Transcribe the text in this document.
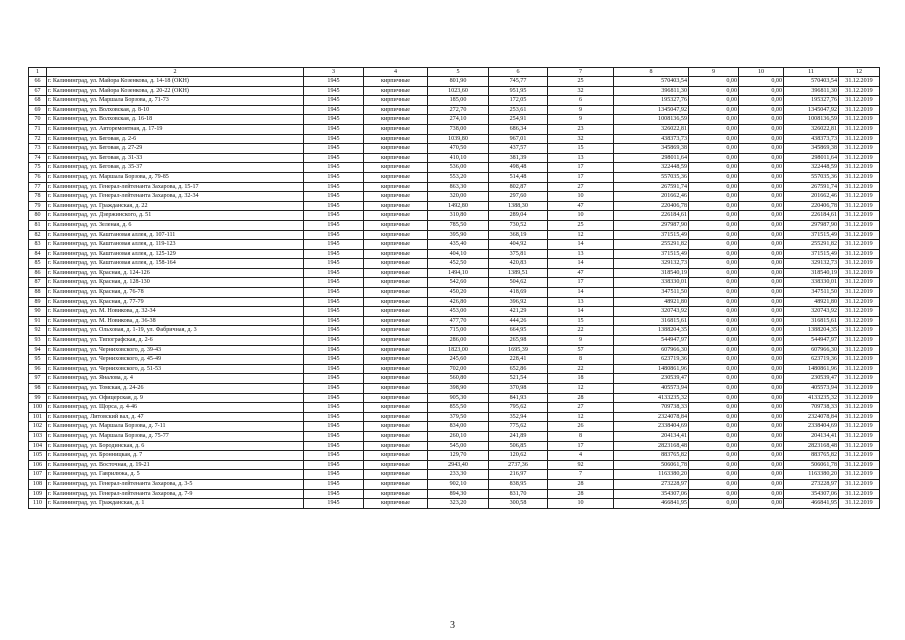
1	2	3	4	5	6	7	8	9	10	11	12
66	г. Калининград, ул. Майора Козенкова, д. 14-18 (ОКН)	1945	кирпичные	801,90	745,77	25	570403,54	0,00	0,00	570403,54	31.12.2019
67	г. Калининград, ул. Майора Козенкова, д. 20-22 (ОКН)	1945	кирпичные	1023,60	951,95	32	396811,30	0,00	0,00	396811,30	31.12.2019
68	г. Калининград, ул. Маршала Борзова, д. 71-73	1945	кирпичные	185,00	172,05	6	195327,76	0,00	0,00	195327,76	31.12.2019
69	г. Калининград, ул. Волховская, д. 8-10	1945	кирпичные	272,70	253,61	9	1345047,92	0,00	0,00	1345047,92	31.12.2019
70	г. Калининград, ул. Волховская, д. 16-18	1945	кирпичные	274,10	254,91	9	1008136,59	0,00	0,00	1008136,59	31.12.2019
71	г. Калининград, ул. Авторемонтная, д. 17-19	1945	кирпичные	738,00	686,34	23	326022,81	0,00	0,00	326022,81	31.12.2019
72	г. Калининград, ул. Беговая, д. 2-6	1945	кирпичные	1039,80	967,01	32	438373,73	0,00	0,00	438373,73	31.12.2019
73	г. Калининград, ул. Беговая, д. 27-29	1945	кирпичные	470,50	437,57	15	345869,38	0,00	0,00	345869,38	31.12.2019
74	г. Калининград, ул. Беговая, д. 31-33	1945	кирпичные	410,10	381,39	13	298011,64	0,00	0,00	298011,64	31.12.2019
75	г. Калининград, ул. Беговая, д. 35-37	1945	кирпичные	536,00	498,48	17	322448,59	0,00	0,00	322448,59	31.12.2019
76	г. Калининград, ул. Маршала Борзова, д. 79-85	1945	кирпичные	553,20	514,48	17	557035,36	0,00	0,00	557035,36	31.12.2019
77	г. Калининград, ул. Генерал-лейтенанта Захарова, д. 15-17	1945	кирпичные	863,30	802,87	27	267591,74	0,00	0,00	267591,74	31.12.2019
78	г. Калининград, ул. Генерал-лейтенанта Захарова, д. 32-34	1945	кирпичные	320,00	297,60	10	201662,46	0,00	0,00	201662,46	31.12.2019
79	г. Калининград, ул. Гражданская, д. 22	1945	кирпичные	1492,80	1388,30	47	220406,78	0,00	0,00	220406,78	31.12.2019
80	г. Калининград, ул. Дзержинского, д. 51	1945	кирпичные	310,80	289,04	10	226184,61	0,00	0,00	226184,61	31.12.2019
81	г. Калининград, ул. Зеленая, д. 6	1945	кирпичные	785,50	730,52	25	297987,90	0,00	0,00	297987,90	31.12.2019
82	г. Калининград, ул. Каштановая аллея, д. 107-111	1945	кирпичные	395,90	368,19	12	371515,49	0,00	0,00	371515,49	31.12.2019
83	г. Калининград, ул. Каштановая аллея, д. 119-123	1945	кирпичные	435,40	404,92	14	255291,82	0,00	0,00	255291,82	31.12.2019
84	г. Калининград, ул. Каштановая аллея, д. 125-129	1945	кирпичные	404,10	375,81	13	371515,49	0,00	0,00	371515,49	31.12.2019
85	г. Калининград, ул. Каштановая аллея, д. 158-164	1945	кирпичные	452,50	420,83	14	329132,73	0,00	0,00	329132,73	31.12.2019
86	г. Калининград, ул. Красная, д. 124-126	1945	кирпичные	1494,10	1389,51	47	318540,19	0,00	0,00	318540,19	31.12.2019
87	г. Калининград, ул. Красная, д. 128-130	1945	кирпичные	542,60	504,62	17	338330,01	0,00	0,00	338330,01	31.12.2019
88	г. Калининград, ул. Красная, д. 76-78	1945	кирпичные	450,20	418,69	14	347511,50	0,00	0,00	347511,50	31.12.2019
89	г. Калининград, ул. Красная, д. 77-79	1945	кирпичные	426,80	396,92	13	48921,80	0,00	0,00	48921,80	31.12.2019
90	г. Калининград, ул. М. Новикова, д. 32-34	1945	кирпичные	453,00	421,29	14	320743,92	0,00	0,00	320743,92	31.12.2019
91	г. Калининград, ул. М. Новикова, д. 36-38	1945	кирпичные	477,70	444,26	15	316815,61	0,00	0,00	316815,61	31.12.2019
92	г. Калининград, ул. Ольховая, д. 1-19, ул. Фабричная, д. 3	1945	кирпичные	715,00	664,95	22	1388204,35	0,00	0,00	1388204,35	31.12.2019
93	г. Калининград, ул. Типографская, д. 2-6	1945	кирпичные	286,00	265,98	9	544947,97	0,00	0,00	544947,97	31.12.2019
94	г. Калининград, ул. Черниховского, д. 39-43	1945	кирпичные	1823,00	1695,39	57	607966,30	0,00	0,00	607966,30	31.12.2019
95	г. Калининград, ул. Черниховского, д. 45-49	1945	кирпичные	245,60	228,41	8	623719,36	0,00	0,00	623719,36	31.12.2019
96	г. Калининград, ул. Черниховского, д. 51-53	1945	кирпичные	702,00	652,86	22	1480861,96	0,00	0,00	1480861,96	31.12.2019
97	г. Калининград, ул. Яналова, д. 4	1945	кирпичные	560,80	521,54	18	230539,47	0,00	0,00	230539,47	31.12.2019
98	г. Калининград, ул. Томская, д. 24-26	1945	кирпичные	398,90	370,98	12	405573,94	0,00	0,00	405573,94	31.12.2019
99	г. Калининград, ул. Офицерская, д. 9	1945	кирпичные	905,30	841,93	28	4133235,32	0,00	0,00	4133235,32	31.12.2019
100	г. Калининград, ул. Щорса, д. 4-46	1945	кирпичные	855,50	795,62	27	709738,33	0,00	0,00	709738,33	31.12.2019
101	г. Калининград, Литовский вал, д. 47	1945	кирпичные	379,50	352,94	12	2324078,84	0,00	0,00	2324078,84	31.12.2019
102	г. Калининград, ул. Маршала Борзова, д. 7-11	1945	кирпичные	834,00	775,62	26	2338404,69	0,00	0,00	2338404,69	31.12.2019
103	г. Калининград, ул. Маршала Борзова, д. 75-77	1945	кирпичные	260,10	241,89	8	204134,41	0,00	0,00	204134,41	31.12.2019
104	г. Калининград, ул. Бородинская, д. 6	1945	кирпичные	545,00	506,85	17	2823168,48	0,00	0,00	2823168,48	31.12.2019
105	г. Калининград, ул. Бронницкая, д. 7	1945	кирпичные	129,70	120,62	4	883765,82	0,00	0,00	883765,82	31.12.2019
106	г. Калининград, ул. Восточная, д. 19-21	1945	кирпичные	2943,40	2737,36	92	506061,78	0,00	0,00	506061,78	31.12.2019
107	г. Калининград, ул. Гаврилюка, д. 5	1945	кирпичные	233,30	216,97	7	1163380,20	0,00	0,00	1163380,20	31.12.2019
108	г. Калининград, ул. Генерал-лейтенанта Захарова, д. 3-5	1945	кирпичные	902,10	838,95	28	273228,97	0,00	0,00	273228,97	31.12.2019
109	г. Калининград, ул. Генерал-лейтенанта Захарова, д. 7-9	1945	кирпичные	894,30	831,70	28	354307,06	0,00	0,00	354307,06	31.12.2019
110	г. Калининград, ул. Гражданская, д. 1	1945	кирпичные	323,20	300,58	10	466841,95	0,00	0,00	466841,95	31.12.2019
3
